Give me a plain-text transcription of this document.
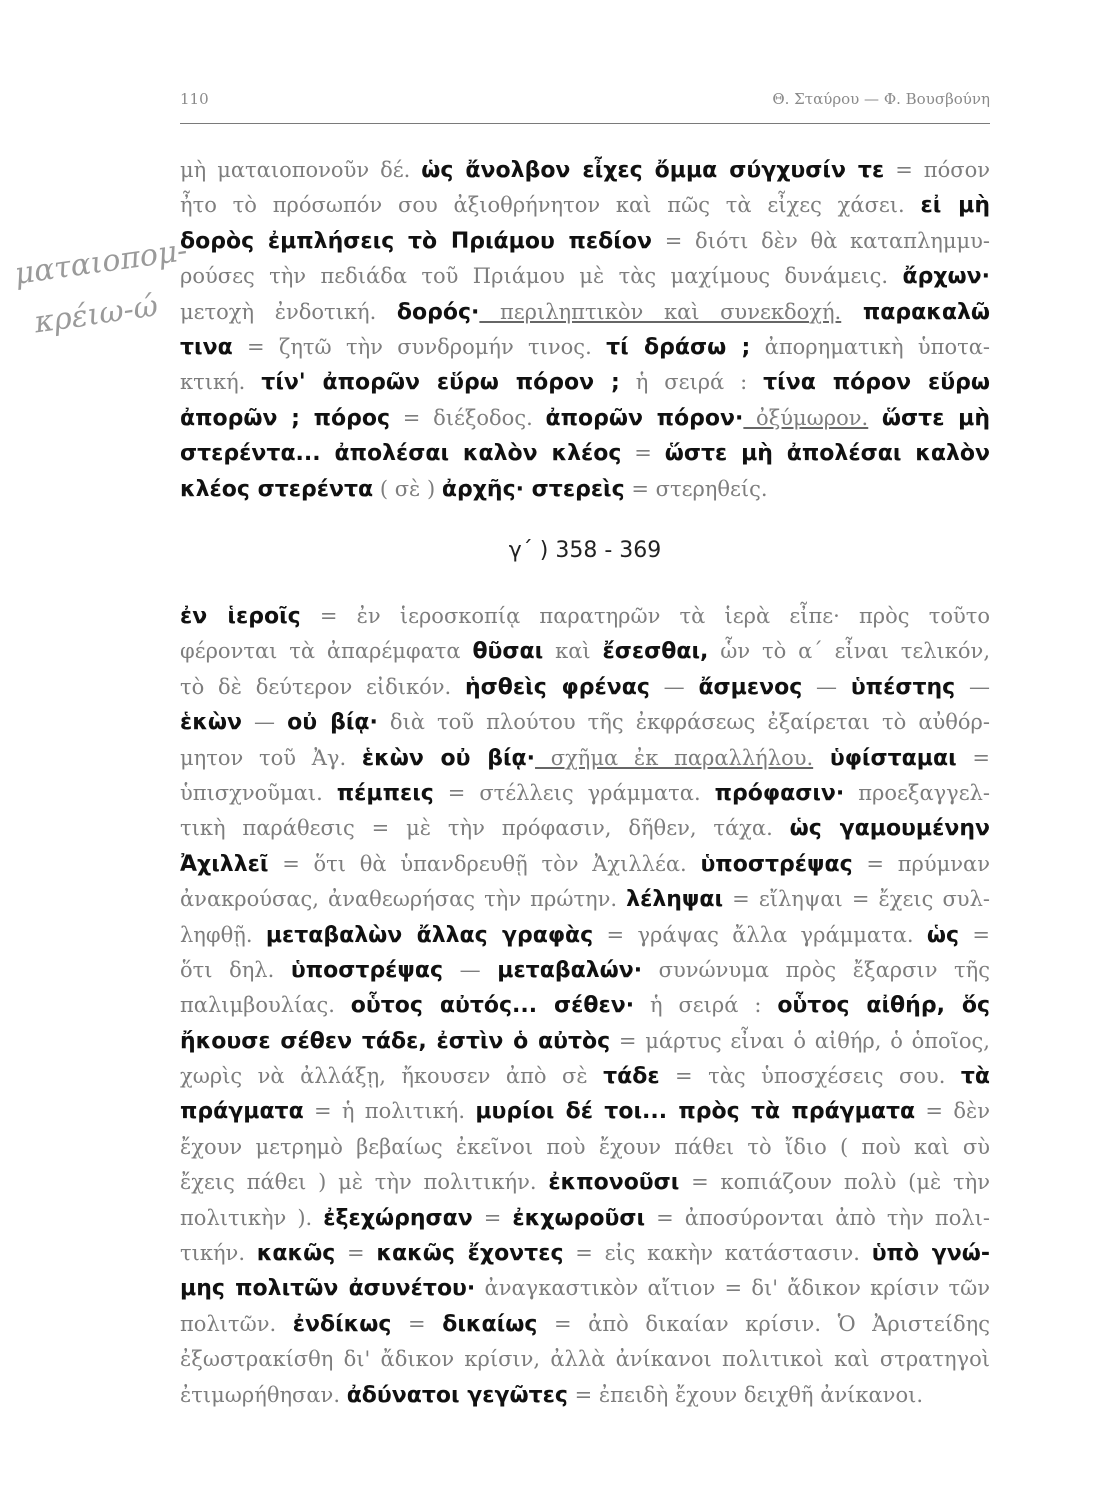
110	Θ. Σταύρου — Φ. Βουσβούνη
ματαιοπομ-
κρέιω-ώ
μὴ ματαιοπονοῦν δέ. ὡς ἄνολβον εἶχες ὄμμα σύγχυσίν τε = πόσον
ἦτο τὸ πρόσωπόν σου ἀξιοθρήνητον καὶ πῶς τὰ εἶχες χάσει. εἰ μὴ
δορὸς ἐμπλήσεις τὸ Πριάμου πεδίον = διότι δὲν θὰ καταπλημμυ-
ρούσες τὴν πεδιάδα τοῦ Πριάμου μὲ τὰς μαχίμους δυνάμεις. ἄρχων·
μετοχὴ ἐνδοτική. δορός· περιληπτικὸν καὶ συνεκδοχή. παρακαλῶ
τινα = ζητῶ τὴν συνδρομήν τινος. τί δράσω ; ἀπορηματικὴ ὑποτα-
κτική. τίν' ἀπορῶν εὕρω πόρον ; ἡ σειρά : τίνα πόρον εὕρω
ἀπορῶν ; πόρος = διέξοδος. ἀπορῶν πόρον· ὀξύμωρον. ὥστε μὴ
στερέντα... ἀπολέσαι καλὸν κλέος = ὥστε μὴ ἀπολέσαι καλὸν
κλέος στερέντα ( σὲ ) ἀρχῆς· στερεὶς = στερηθείς.
γ΄ ) 358 - 369
ἐν ἱεροῖς = ἐν ἱεροσκοπίᾳ παρατηρῶν τὰ ἱερὰ εἶπε· πρὸς τοῦτο
φέρονται τὰ ἀπαρέμφατα θῦσαι καὶ ἔσεσθαι, ὧν τὸ α΄ εἶναι τελικόν,
τὸ δὲ δεύτερον εἰδικόν. ἡσθεὶς φρένας — ἄσμενος — ὑπέστης —
ἑκὼν — οὐ βίᾳ· διὰ τοῦ πλούτου τῆς ἐκφράσεως ἐξαίρεται τὸ αὐθόρ-
μητον τοῦ Ἀγ. ἑκὼν οὐ βίᾳ· σχῆμα ἐκ παραλλήλου. ὑφίσταμαι =
ὑπισχνοῦμαι. πέμπεις = στέλλεις γράμματα. πρόφασιν· προεξαγγελ-
τικὴ παράθεσις = μὲ τὴν πρόφασιν, δῆθεν, τάχα. ὡς γαμουμένην
Ἀχιλλεῖ = ὅτι θὰ ὑπανδρευθῇ τὸν Ἀχιλλέα. ὑποστρέψας = πρύμναν
ἀνακρούσας, ἀναθεωρήσας τὴν πρώτην. λέληψαι = εἴληψαι = ἔχεις συλ-
ληφθῇ. μεταβαλὼν ἄλλας γραφὰς = γράψας ἄλλα γράμματα. ὡς =
ὅτι δηλ. ὑποστρέψας — μεταβαλών· συνώνυμα πρὸς ἔξαρσιν τῆς
παλιμβουλίας. οὗτος αὐτός... σέθεν· ἡ σειρά : οὗτος αἰθήρ, ὅς
ἤκουσε σέθεν τάδε, ἐστὶν ὁ αὐτὸς = μάρτυς εἶναι ὁ αἰθήρ, ὁ ὁποῖος,
χωρὶς νὰ ἀλλάξῃ, ἤκουσεν ἀπὸ σὲ τάδε = τὰς ὑποσχέσεις σου. τὰ
πράγματα = ἡ πολιτική. μυρίοι δέ τοι... πρὸς τὰ πράγματα = δὲν
ἔχουν μετρημὸ βεβαίως ἐκεῖνοι ποὺ ἔχουν πάθει τὸ ἴδιο ( ποὺ καὶ σὺ
ἔχεις πάθει ) μὲ τὴν πολιτικήν. ἐκπονοῦσι = κοπιάζουν πολὺ (μὲ τὴν
πολιτικὴν ). ἐξεχώρησαν = ἐκχωροῦσι = ἀποσύρονται ἀπὸ τὴν πολι-
τικήν. κακῶς = κακῶς ἔχοντες = εἰς κακὴν κατάστασιν. ὑπὸ γνώ-
μης πολιτῶν ἀσυνέτου· ἀναγκαστικὸν αἴτιον = δι' ἄδικον κρίσιν τῶν
πολιτῶν. ἐνδίκως = δικαίως = ἀπὸ δικαίαν κρίσιν. Ὁ Ἀριστείδης
ἐξωστρακίσθη δι' ἄδικον κρίσιν, ἀλλὰ ἀνίκανοι πολιτικοὶ καὶ στρατηγοὶ
ἐτιμωρήθησαν. ἀδύνατοι γεγῶτες = ἐπειδὴ ἔχουν δειχθῆ ἀνίκανοι.
